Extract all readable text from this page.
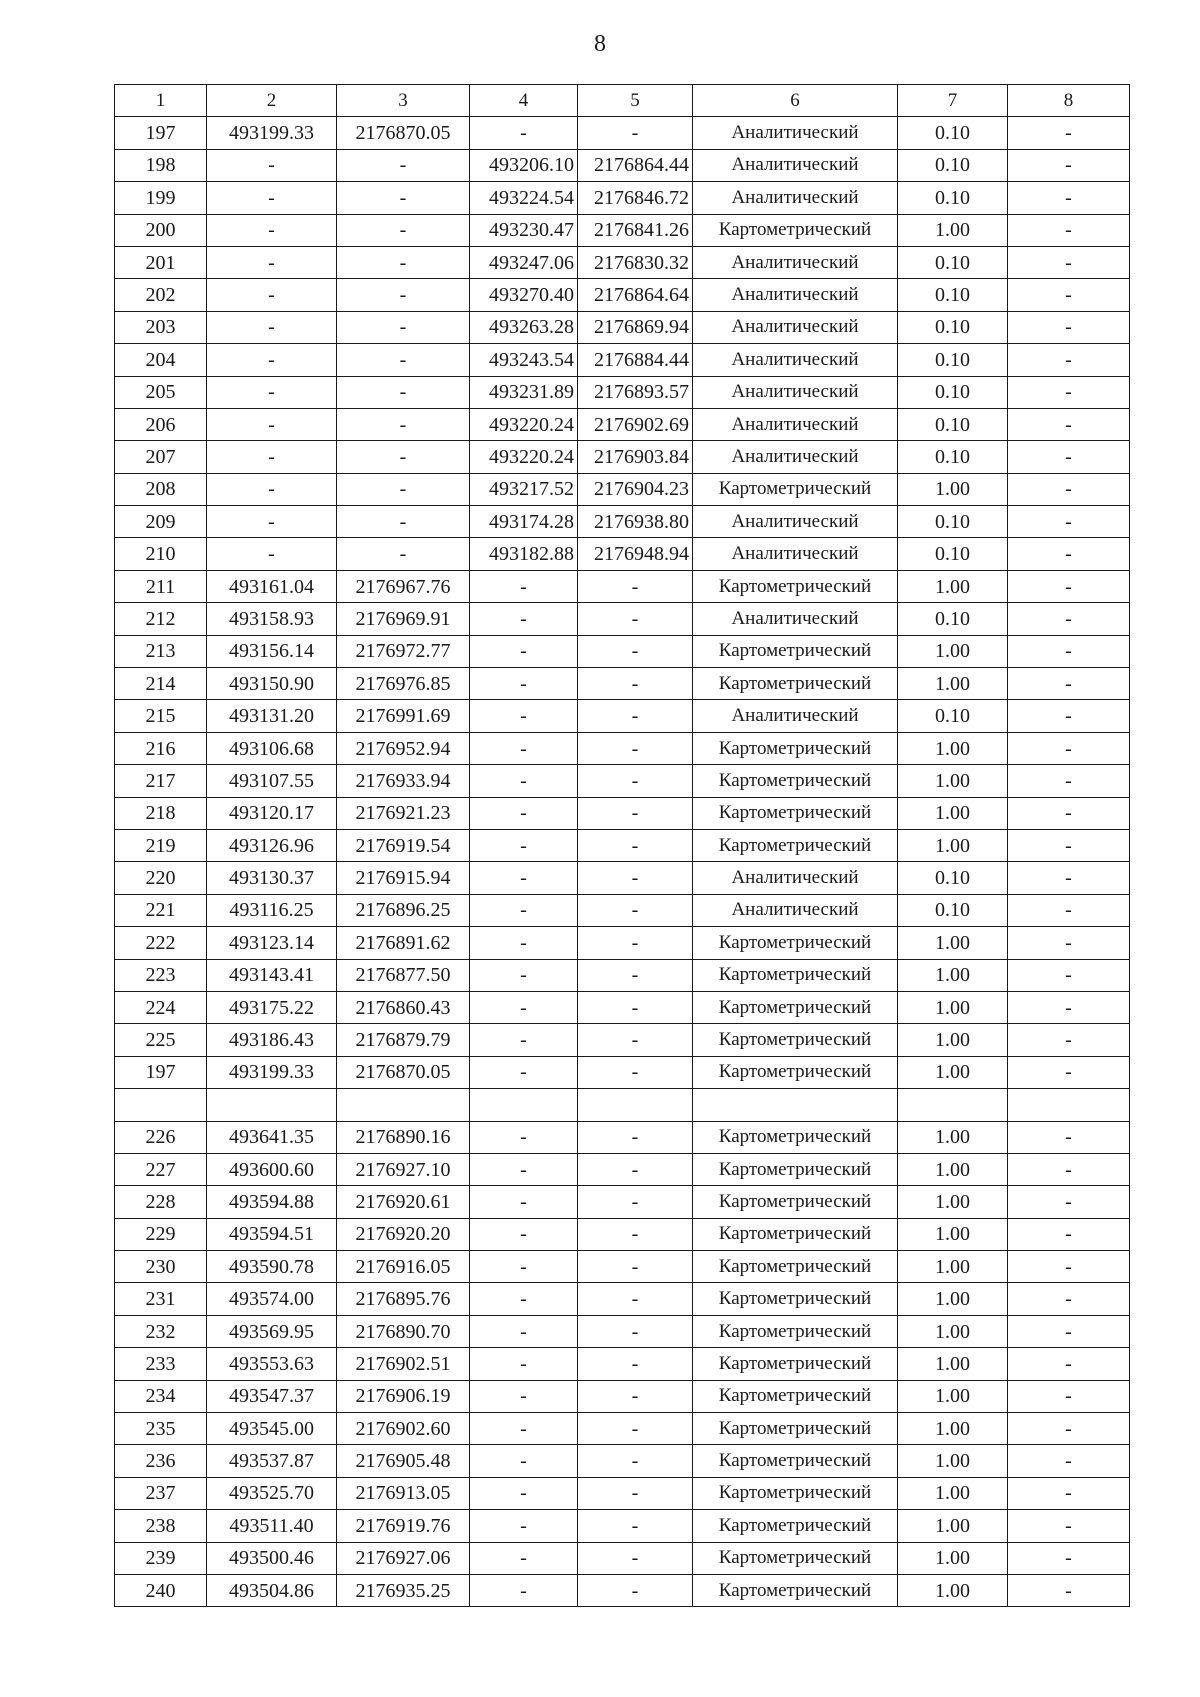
8
1	2	3	4	5	6	7	8
197	493199.33	2176870.05	-	-	Аналитический	0.10	-
198	-	-	493206.10	2176864.44	Аналитический	0.10	-
199	-	-	493224.54	2176846.72	Аналитический	0.10	-
200	-	-	493230.47	2176841.26	Картометрический	1.00	-
201	-	-	493247.06	2176830.32	Аналитический	0.10	-
202	-	-	493270.40	2176864.64	Аналитический	0.10	-
203	-	-	493263.28	2176869.94	Аналитический	0.10	-
204	-	-	493243.54	2176884.44	Аналитический	0.10	-
205	-	-	493231.89	2176893.57	Аналитический	0.10	-
206	-	-	493220.24	2176902.69	Аналитический	0.10	-
207	-	-	493220.24	2176903.84	Аналитический	0.10	-
208	-	-	493217.52	2176904.23	Картометрический	1.00	-
209	-	-	493174.28	2176938.80	Аналитический	0.10	-
210	-	-	493182.88	2176948.94	Аналитический	0.10	-
211	493161.04	2176967.76	-	-	Картометрический	1.00	-
212	493158.93	2176969.91	-	-	Аналитический	0.10	-
213	493156.14	2176972.77	-	-	Картометрический	1.00	-
214	493150.90	2176976.85	-	-	Картометрический	1.00	-
215	493131.20	2176991.69	-	-	Аналитический	0.10	-
216	493106.68	2176952.94	-	-	Картометрический	1.00	-
217	493107.55	2176933.94	-	-	Картометрический	1.00	-
218	493120.17	2176921.23	-	-	Картометрический	1.00	-
219	493126.96	2176919.54	-	-	Картометрический	1.00	-
220	493130.37	2176915.94	-	-	Аналитический	0.10	-
221	493116.25	2176896.25	-	-	Аналитический	0.10	-
222	493123.14	2176891.62	-	-	Картометрический	1.00	-
223	493143.41	2176877.50	-	-	Картометрический	1.00	-
224	493175.22	2176860.43	-	-	Картометрический	1.00	-
225	493186.43	2176879.79	-	-	Картометрический	1.00	-
197	493199.33	2176870.05	-	-	Картометрический	1.00	-

226	493641.35	2176890.16	-	-	Картометрический	1.00	-
227	493600.60	2176927.10	-	-	Картометрический	1.00	-
228	493594.88	2176920.61	-	-	Картометрический	1.00	-
229	493594.51	2176920.20	-	-	Картометрический	1.00	-
230	493590.78	2176916.05	-	-	Картометрический	1.00	-
231	493574.00	2176895.76	-	-	Картометрический	1.00	-
232	493569.95	2176890.70	-	-	Картометрический	1.00	-
233	493553.63	2176902.51	-	-	Картометрический	1.00	-
234	493547.37	2176906.19	-	-	Картометрический	1.00	-
235	493545.00	2176902.60	-	-	Картометрический	1.00	-
236	493537.87	2176905.48	-	-	Картометрический	1.00	-
237	493525.70	2176913.05	-	-	Картометрический	1.00	-
238	493511.40	2176919.76	-	-	Картометрический	1.00	-
239	493500.46	2176927.06	-	-	Картометрический	1.00	-
240	493504.86	2176935.25	-	-	Картометрический	1.00	-
